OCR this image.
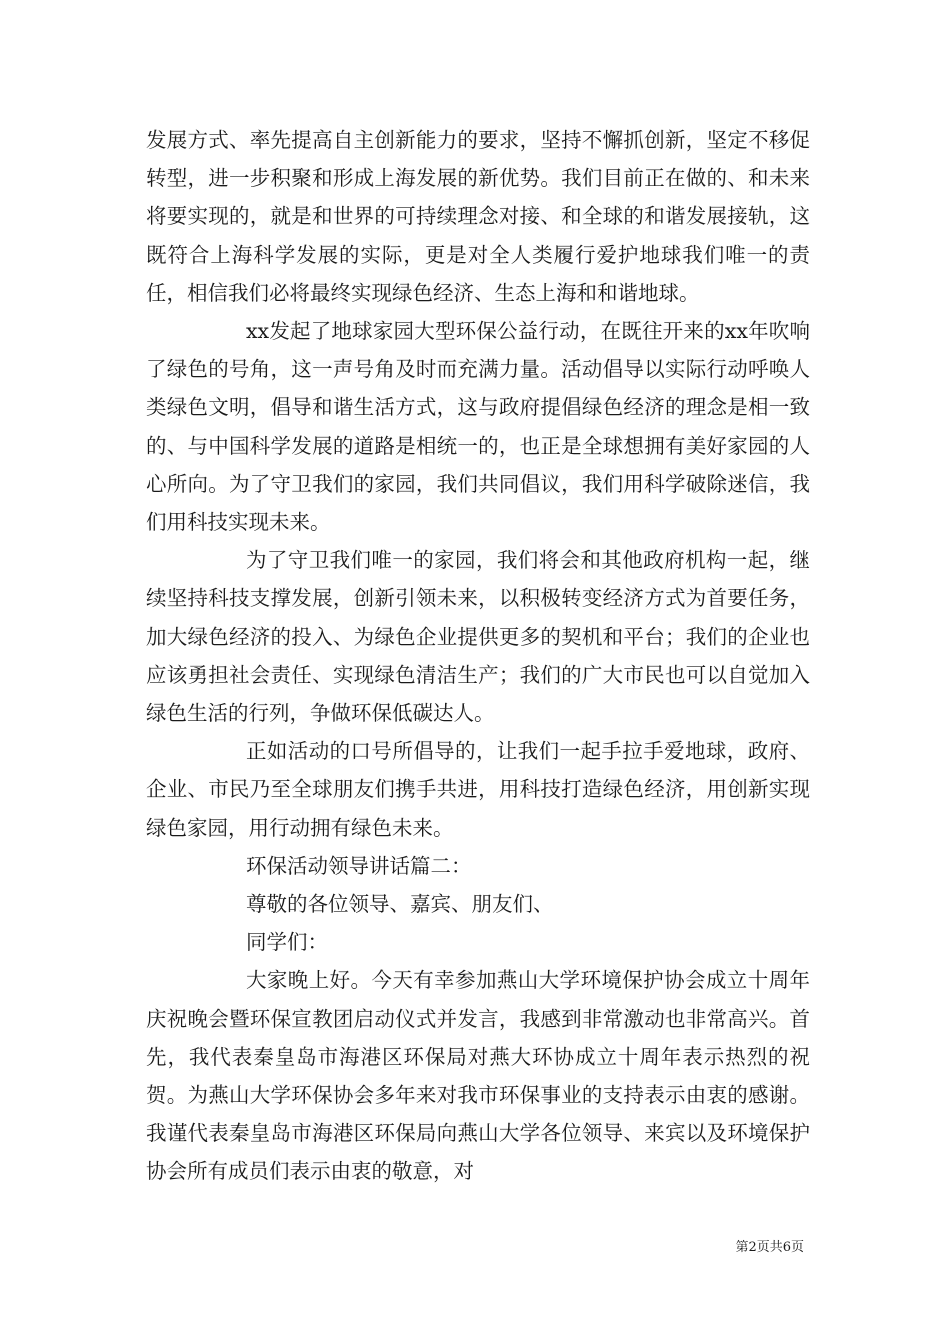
发展方式、率先提高自主创新能力的要求，坚持不懈抓创新，坚定不移促转型，进一步积聚和形成上海发展的新优势。我们目前正在做的、和未来将要实现的，就是和世界的可持续理念对接、和全球的和谐发展接轨，这既符合上海科学发展的实际，更是对全人类履行爱护地球我们唯一的责任，相信我们必将最终实现绿色经济、生态上海和和谐地球。

xx发起了地球家园大型环保公益行动，在既往开来的xx年吹响了绿色的号角，这一声号角及时而充满力量。活动倡导以实际行动呼唤人类绿色文明，倡导和谐生活方式，这与政府提倡绿色经济的理念是相一致的、与中国科学发展的道路是相统一的，也正是全球想拥有美好家园的人心所向。为了守卫我们的家园，我们共同倡议，我们用科学破除迷信，我们用科技实现未来。

为了守卫我们唯一的家园，我们将会和其他政府机构一起，继续坚持科技支撑发展，创新引领未来，以积极转变经济方式为首要任务，加大绿色经济的投入、为绿色企业提供更多的契机和平台；我们的企业也应该勇担社会责任、实现绿色清洁生产；我们的广大市民也可以自觉加入绿色生活的行列，争做环保低碳达人。

正如活动的口号所倡导的，让我们一起手拉手爱地球，政府、企业、市民乃至全球朋友们携手共进，用科技打造绿色经济，用创新实现绿色家园，用行动拥有绿色未来。

环保活动领导讲话篇二：

尊敬的各位领导、嘉宾、朋友们、

同学们：

大家晚上好。今天有幸参加燕山大学环境保护协会成立十周年庆祝晚会暨环保宣教团启动仪式并发言，我感到非常激动也非常高兴。首先，我代表秦皇岛市海港区环保局对燕大环协成立十周年表示热烈的祝贺。为燕山大学环保协会多年来对我市环保事业的支持表示由衷的感谢。我谨代表秦皇岛市海港区环保局向燕山大学各位领导、来宾以及环境保护协会所有成员们表示由衷的敬意，对

第2页共6页
